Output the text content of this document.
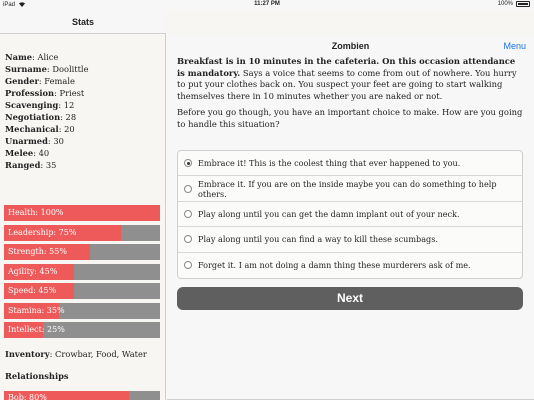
iPad	11:27 PM	100%
Stats
Zombien	Menu
Name: Alice
Surname: Doolittle
Gender: Female
Profession: Priest
Scavenging: 12
Negotiation: 28
Mechanical: 20
Unarmed: 30
Melee: 40
Ranged: 35
Health: 100%
Leadership: 75%
Strength: 55%
Agility: 45%
Speed: 45%
Stamina: 35%
Intellect: 25%
Inventory: Crowbar, Food, Water
Relationships
Bob: 80%
Breakfast is in 10 minutes in the cafeteria. On this occasion attendance is mandatory. Says a voice that seems to come from out of nowhere. You hurry to put your clothes back on. You suspect your feet are going to start walking themselves there in 10 minutes whether you are naked or not.
Before you go though, you have an important choice to make. How are you going to handle this situation?
Embrace it! This is the coolest thing that ever happened to you.
Embrace it. If you are on the inside maybe you can do something to help others.
Play along until you can get the damn implant out of your neck.
Play along until you can find a way to kill these scumbags.
Forget it. I am not doing a damn thing these murderers ask of me.
Next
